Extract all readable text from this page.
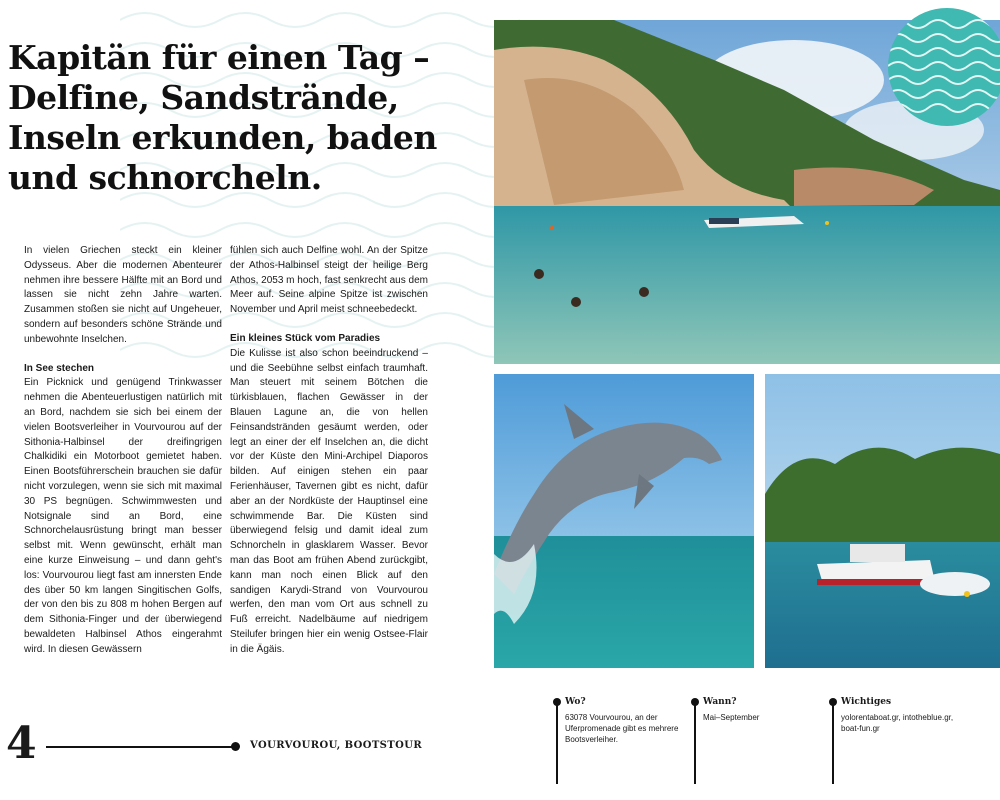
Kapitän für einen Tag – Delfine, Sandstrände, Inseln erkunden, baden und schnorcheln.

In vielen Griechen steckt ein kleiner Odysseus. Aber die modernen Abenteurer nehmen ihre bessere Hälfte mit an Bord und lassen sie nicht zehn Jahre warten. Zusammen stoßen sie nicht auf Ungeheuer, sondern auf besonders schöne Strände und unbewohnte Inselchen.

In See stechen

Ein Picknick und genügend Trinkwasser nehmen die Abenteuerlustigen natürlich mit an Bord, nachdem sie sich bei einem der vielen Bootsverleiher in Vourvourou auf der Sithonia-Halbinsel der dreifingrigen Chalkidiki ein Motorboot gemietet haben. Einen Bootsführerschein brauchen sie dafür nicht vorzulegen, wenn sie sich mit maximal 30 PS begnügen. Schwimmwesten und Notsignale sind an Bord, eine Schnorchelausrüstung bringt man besser selbst mit. Wenn gewünscht, erhält man eine kurze Einweisung – und dann geht's los: Vourvourou liegt fast am innersten Ende des über 50 km langen Singitischen Golfs, der von den bis zu 808 m hohen Bergen auf dem Sithonia-Finger und der überwiegend bewaldeten Halbinsel Athos eingerahmt wird. In diesen Gewässern

fühlen sich auch Delfine wohl. An der Spitze der Athos-Halbinsel steigt der heilige Berg Athos, 2053 m hoch, fast senkrecht aus dem Meer auf. Seine alpine Spitze ist zwischen November und April meist schneebedeckt.

Ein kleines Stück vom Paradies

Die Kulisse ist also schon beeindruckend – und die Seebühne selbst einfach traumhaft. Man steuert mit seinem Bötchen die türkisblauen, flachen Gewässer in der Blauen Lagune an, die von hellen Feinsandstränden gesäumt werden, oder legt an einer der elf Inselchen an, die dicht vor der Küste den Mini-Archipel Diaporos bilden. Auf einigen stehen ein paar Ferienhäuser, Tavernen gibt es nicht, dafür aber an der Nordküste der Hauptinsel eine schwimmende Bar. Die Küsten sind überwiegend felsig und damit ideal zum Schnorcheln in glasklarem Wasser. Bevor man das Boot am frühen Abend zurückgibt, kann man noch einen Blick auf den sandigen Karydi-Strand von Vourvourou werfen, den man vom Ort aus schnell zu Fuß erreicht. Nadelbäume auf niedrigem Steilufer bringen hier ein wenig Ostsee-Flair in die Ägäis.

4	VOURVOUROU, BOOTSTOUR
Wo?
63078 Vourvourou, an der Uferpromenade gibt es mehrere Bootsverleiher.
Wann?
Mai–September
Wichtiges
yolorentaboat.gr, intotheblue.gr, boat-fun.gr
